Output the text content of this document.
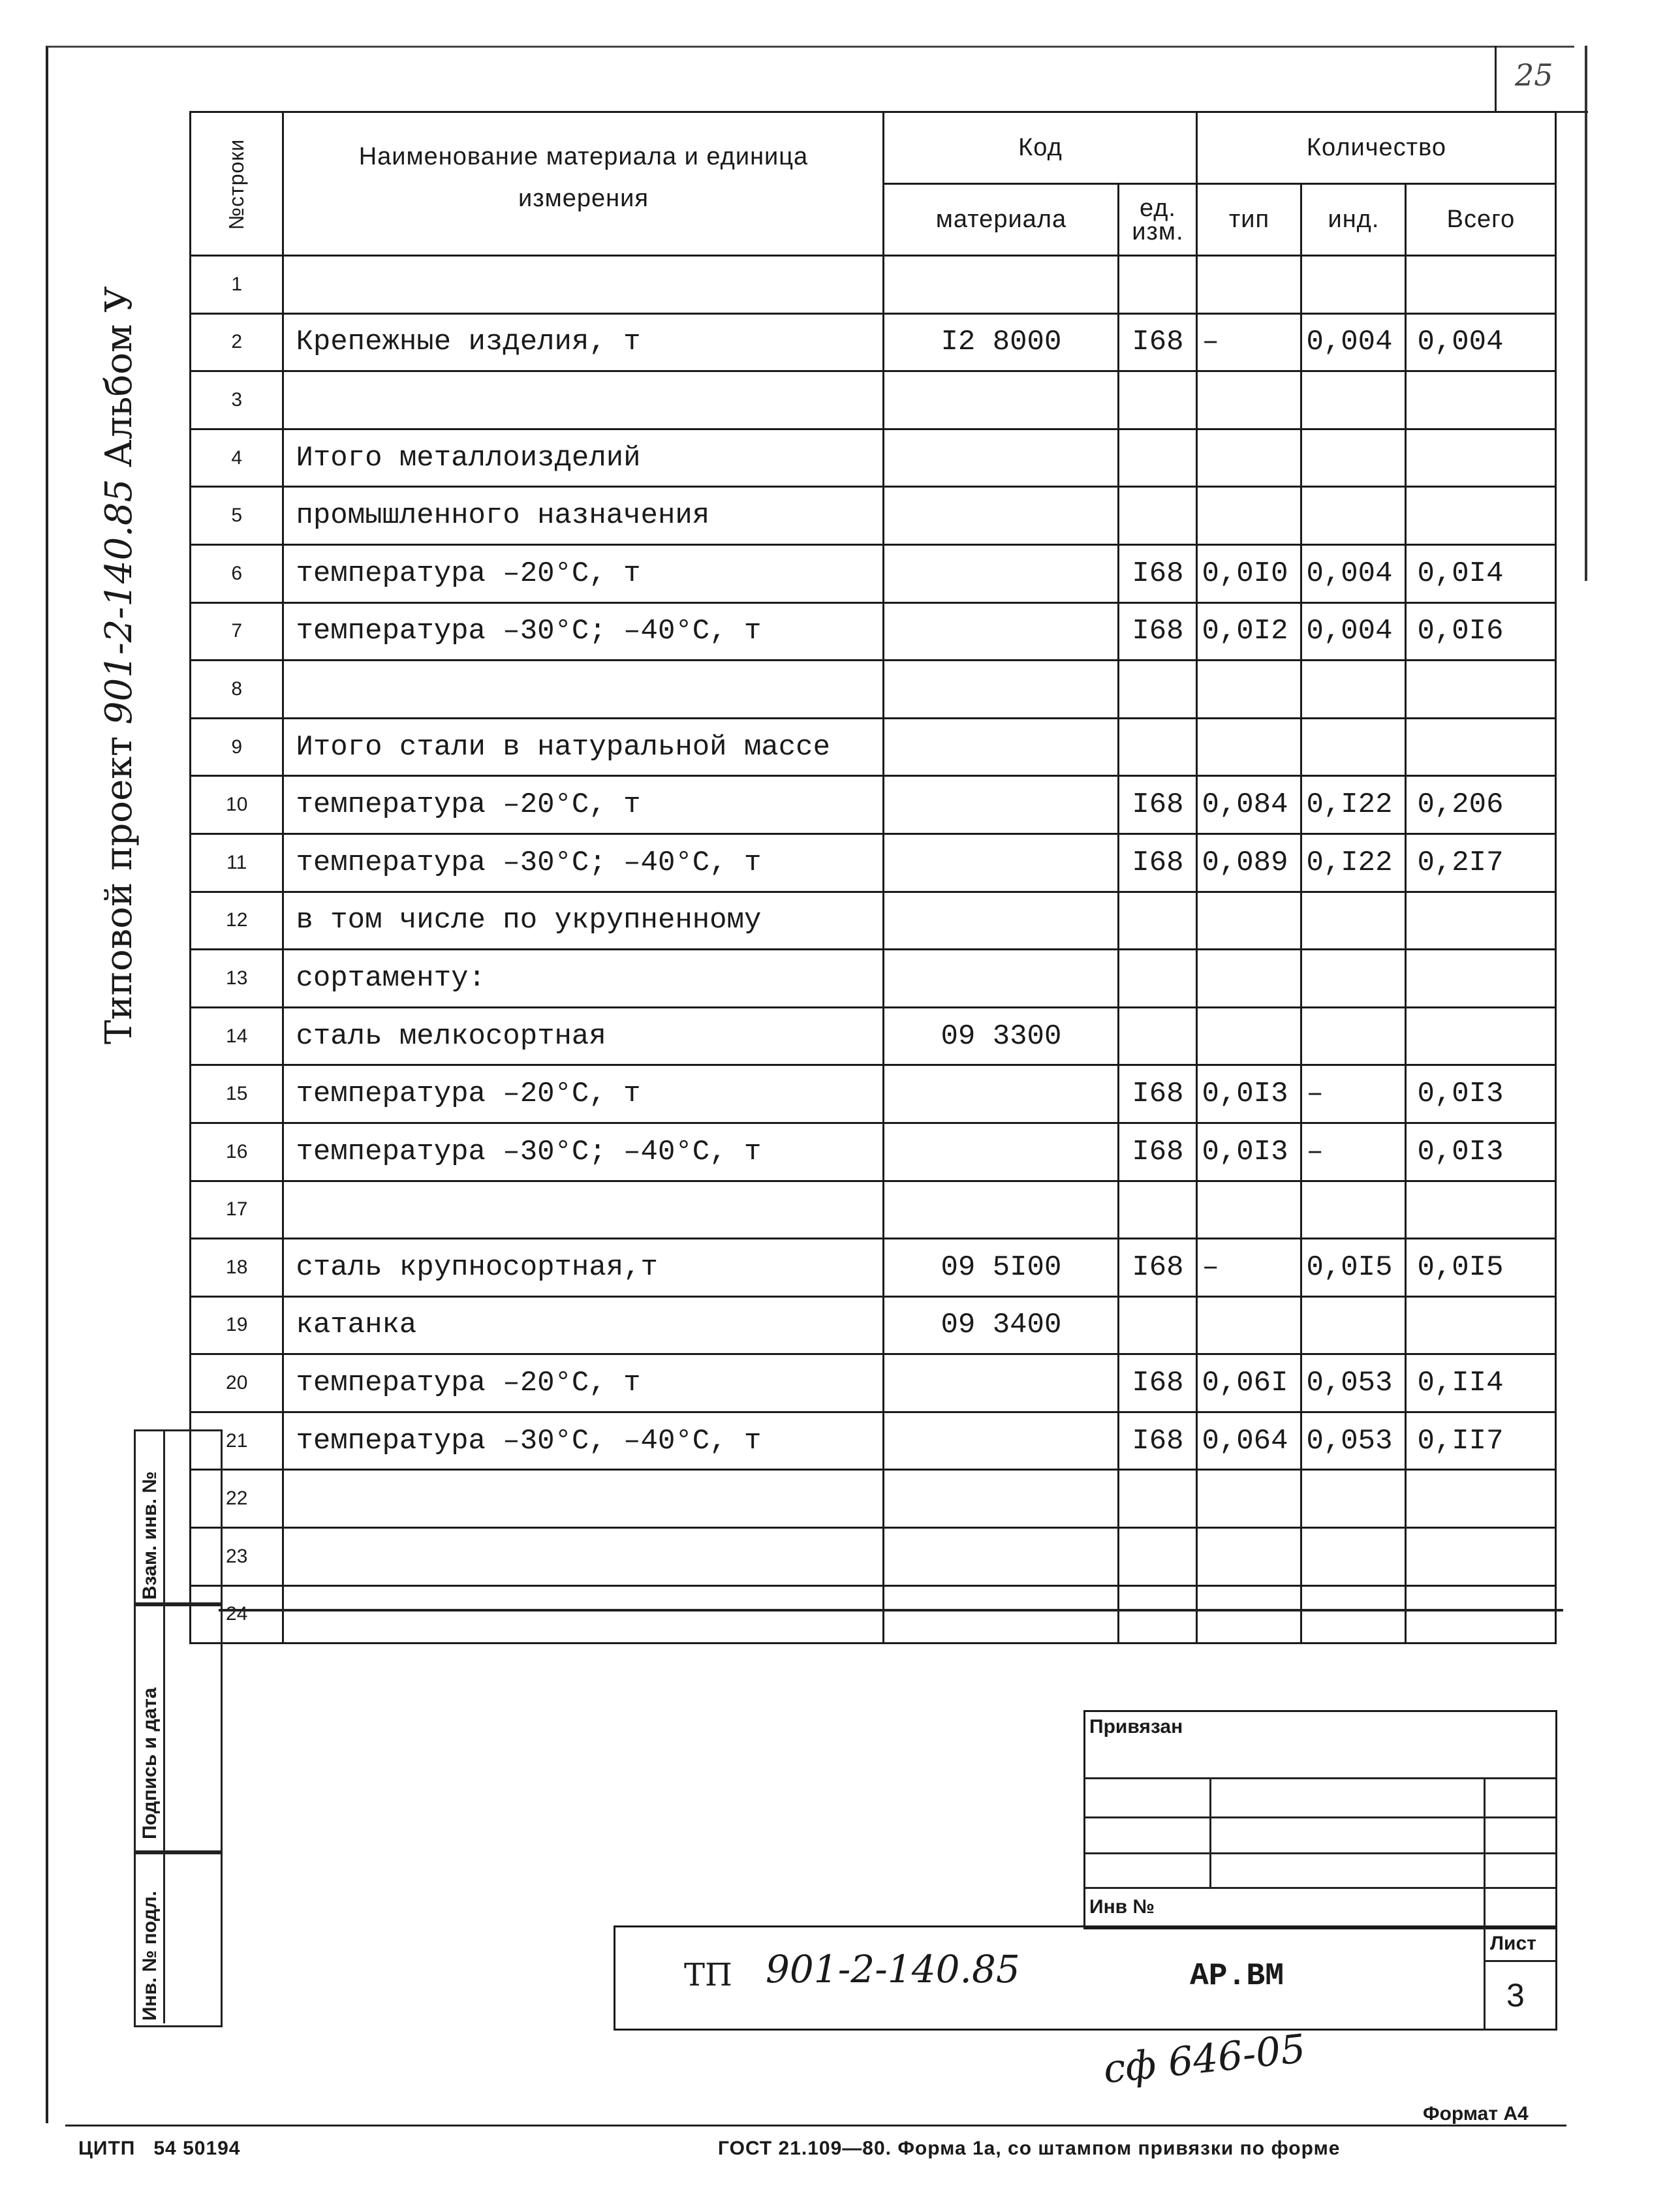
25
Типовой проект 901-2-140.85 Альбом У
№строки	Наименование материала и единица измерения	Код		Количество		
		материала	ед. изм.	тип	инд.	Всего
1						
2	Крепежные изделия, т	I2 8000	I68	–	0,004	0,004
3						
4	Итого металлоизделий					
5	промышленного назначения					
6	температура –20°С, т		I68	0,0I0	0,004	0,0I4
7	температура –30°С; –40°С, т		I68	0,0I2	0,004	0,0I6
8						
9	Итого стали в натуральной массе					
10	температура –20°С, т		I68	0,084	0,I22	0,206
11	температура –30°С; –40°С, т		I68	0,089	0,I22	0,2I7
12	в том числе по укрупненному					
13	сортаменту:					
14	сталь мелкосортная	09 3300				
15	температура –20°С, т		I68	0,0I3	–	0,0I3
16	температура –30°С; –40°С, т		I68	0,0I3	–	0,0I3
17						
18	сталь крупносортная,т	09 5I00	I68	–	0,0I5	0,0I5
19	катанка	09 3400				
20	температура –20°С, т		I68	0,06I	0,053	0,II4
21	температура –30°С, –40°С, т		I68	0,064	0,053	0,II7
22						
23						
24						
Взам. инв. №
Подпись и дата
Инв. № подл.
Привязан
Инв №
ТП 901-2-140.85	АР.ВМ
Лист
3
сф 646-05
ЦИТП   54 50194
Формат А4
ГОСТ 21.109—80. Форма 1а, со штампом привязки по форме
